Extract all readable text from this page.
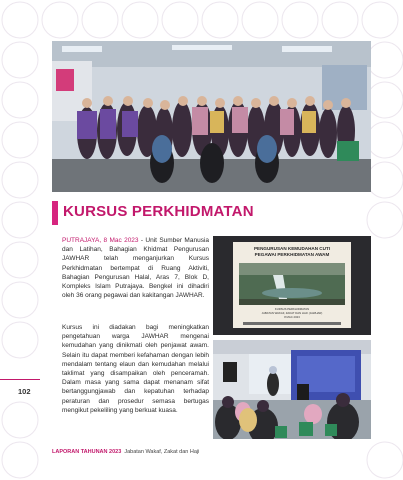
KURSUS PERKHIDMATAN
PUTRAJAYA, 8 Mac 2023 - Unit Sumber Manusia dan Latihan, Bahagian Khidmat Pengurusan JAWHAR telah menganjurkan Kursus Perkhidmatan bertempat di Ruang Aktiviti, Bahagian Pengurusan Halal, Aras 7, Blok D, Kompleks Islam Putrajaya. Bengkel ini dihadiri oleh 36 orang pegawai dan kakitangan JAWHAR.
Kursus ini diadakan bagi meningkatkan pengetahuan warga JAWHAR mengenai kemudahan yang dinikmati oleh penjawat awam. Selain itu dapat memberi kefahaman dengan lebih mendalam tentang elaun dan kemudahan melalui taklimat yang disampaikan oleh penceramah. Dalam masa yang sama dapat menanam sifat bertanggungjawab dan kepatuhan terhadap peraturan dan prosedur semasa bertugas mengikut pekeliling yang berkuat kuasa.
PENGURUSAN KEMUDAHAN CUTI
PEGAWAI PERKHIDMATAN AWAM
KURSUS PERKHIDMATAN
JABATAN WAKAF, ZAKAT DAN HAJI (JAWHAR)
8 MAC 2023
102
LAPORAN TAHUNAN 2023 Jabatan Wakaf, Zakat dan Haji
